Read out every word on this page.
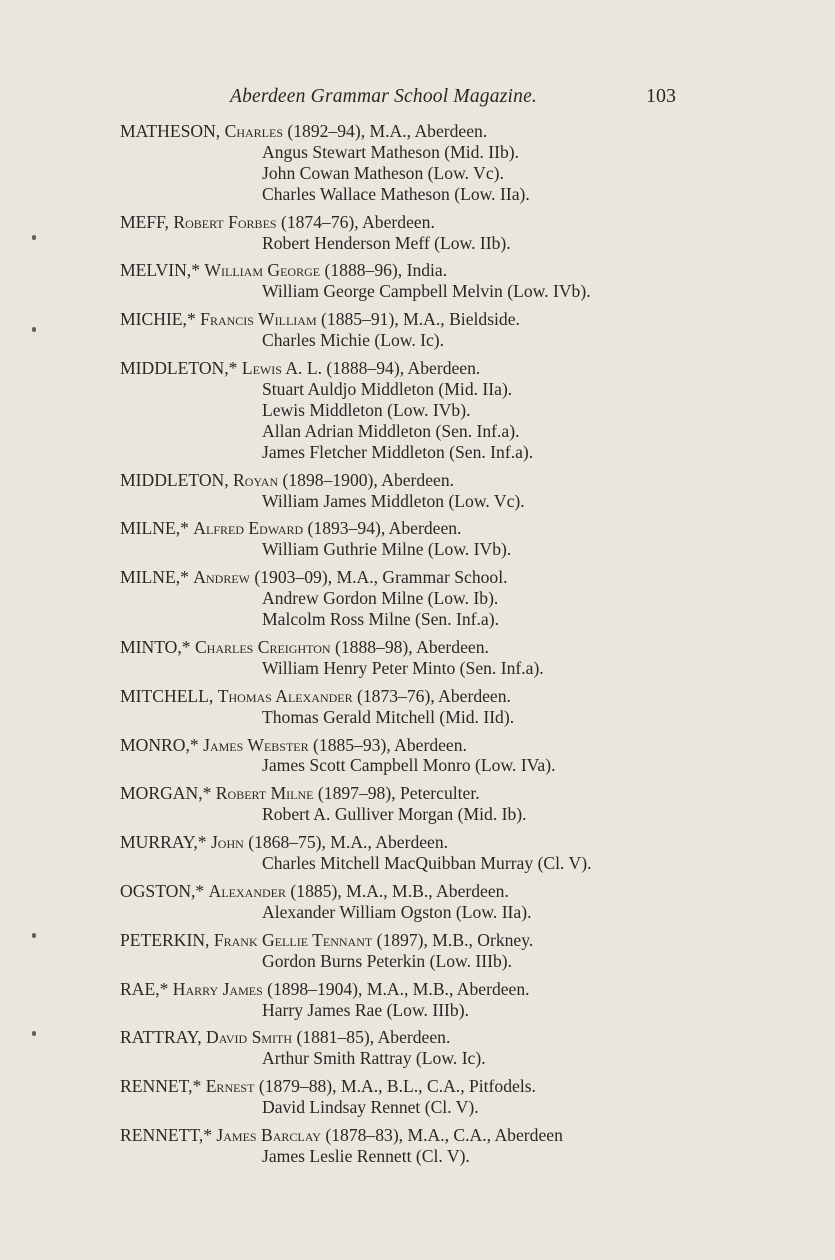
Aberdeen Grammar School Magazine.	103
MATHESON, Charles (1892–94), M.A., Aberdeen.
Angus Stewart Matheson (Mid. IIb).
John Cowan Matheson (Low. Vc).
Charles Wallace Matheson (Low. IIa).
MEFF, Robert Forbes (1874–76), Aberdeen.
Robert Henderson Meff (Low. IIb).
MELVIN,* William George (1888–96), India.
William George Campbell Melvin (Low. IVb).
MICHIE,* Francis William (1885–91), M.A., Bieldside.
Charles Michie (Low. Ic).
MIDDLETON,* Lewis A. L. (1888–94), Aberdeen.
Stuart Auldjo Middleton (Mid. IIa).
Lewis Middleton (Low. IVb).
Allan Adrian Middleton (Sen. Inf.a).
James Fletcher Middleton (Sen. Inf.a).
MIDDLETON, Royan (1898–1900), Aberdeen.
William James Middleton (Low. Vc).
MILNE,* Alfred Edward (1893–94), Aberdeen.
William Guthrie Milne (Low. IVb).
MILNE,* Andrew (1903–09), M.A., Grammar School.
Andrew Gordon Milne (Low. Ib).
Malcolm Ross Milne (Sen. Inf.a).
MINTO,* Charles Creighton (1888–98), Aberdeen.
William Henry Peter Minto (Sen. Inf.a).
MITCHELL, Thomas Alexander (1873–76), Aberdeen.
Thomas Gerald Mitchell (Mid. IId).
MONRO,* James Webster (1885–93), Aberdeen.
James Scott Campbell Monro (Low. IVa).
MORGAN,* Robert Milne (1897–98), Peterculter.
Robert A. Gulliver Morgan (Mid. Ib).
MURRAY,* John (1868–75), M.A., Aberdeen.
Charles Mitchell MacQuibban Murray (Cl. V).
OGSTON,* Alexander (1885), M.A., M.B., Aberdeen.
Alexander William Ogston (Low. IIa).
PETERKIN, Frank Gellie Tennant (1897), M.B., Orkney.
Gordon Burns Peterkin (Low. IIIb).
RAE,* Harry James (1898–1904), M.A., M.B., Aberdeen.
Harry James Rae (Low. IIIb).
RATTRAY, David Smith (1881–85), Aberdeen.
Arthur Smith Rattray (Low. Ic).
RENNET,* Ernest (1879–88), M.A., B.L., C.A., Pitfodels.
David Lindsay Rennet (Cl. V).
RENNETT,* James Barclay (1878–83), M.A., C.A., Aberdeen
James Leslie Rennett (Cl. V).
